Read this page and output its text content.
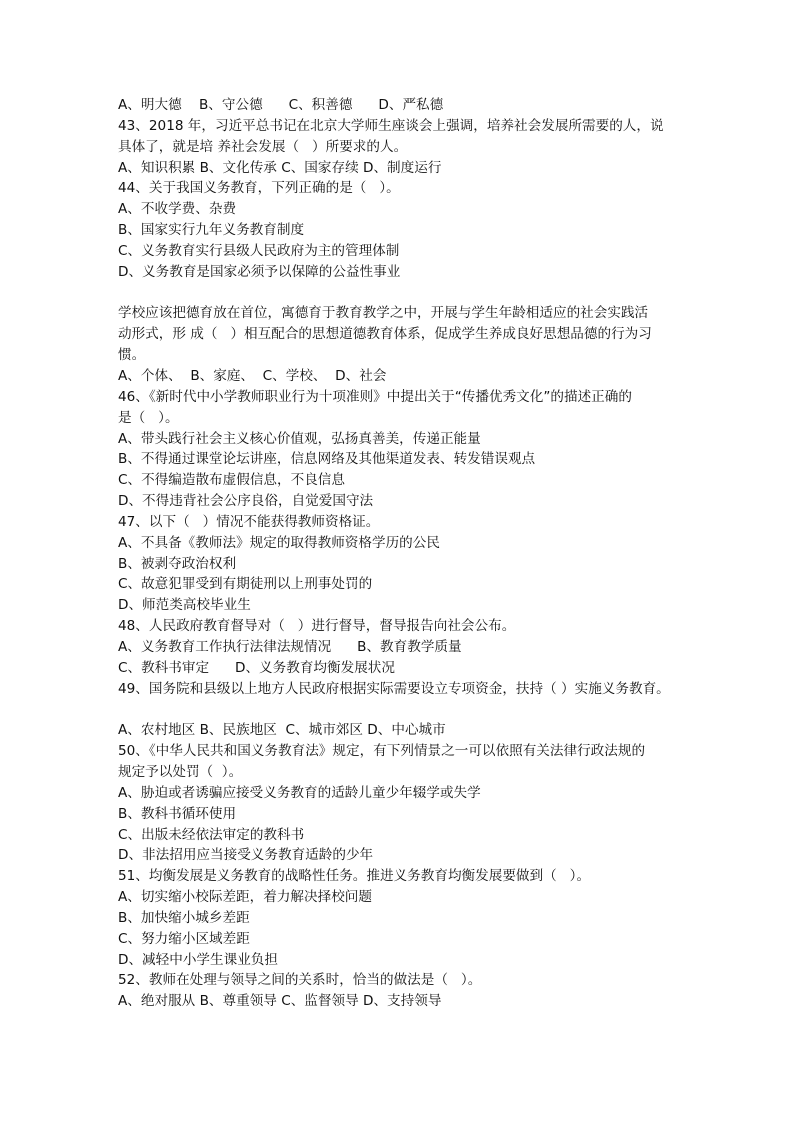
A、明大德    B、守公德      C、积善德      D、严私德
43、2018 年，习近平总书记在北京大学师生座谈会上强调，培养社会发展所需要的人，说
具体了，就是培 养社会发展（   ）所要求的人。
A、知识积累 B、文化传承 C、国家存续 D、制度运行
44、关于我国义务教育，下列正确的是（   ）。
A、不收学费、杂费
B、国家实行九年义务教育制度
C、义务教育实行县级人民政府为主的管理体制
D、义务教育是国家必须予以保障的公益性事业
学校应该把德育放在首位，寓德育于教育教学之中，开展与学生年龄相适应的社会实践活
动形式，形 成（   ）相互配合的思想道德教育体系，促成学生养成良好思想品德的行为习
惯。
A、个体、  B、家庭、  C、学校、  D、社会
46、《新时代中小学教师职业行为十项准则》中提出关于“传播优秀文化”的描述正确的
是（   ）。
A、带头践行社会主义核心价值观，弘扬真善美，传递正能量
B、不得通过课堂论坛讲座，信息网络及其他渠道发表、转发错误观点
C、不得编造散布虚假信息，不良信息
D、不得违背社会公序良俗，自觉爱国守法
47、以下（   ）情况不能获得教师资格证。
A、不具备《教师法》规定的取得教师资格学历的公民
B、被剥夺政治权利
C、故意犯罪受到有期徒刑以上刑事处罚的
D、师范类高校毕业生
48、人民政府教育督导对（   ）进行督导，督导报告向社会公布。
A、义务教育工作执行法律法规情况      B、教育教学质量
C、教科书审定      D、义务教育均衡发展状况
49、国务院和县级以上地方人民政府根据实际需要设立专项资金，扶持（ ）实施义务教育。
A、农村地区 B、民族地区  C、城市郊区 D、中心城市
50、《中华人民共和国义务教育法》规定，有下列情景之一可以依照有关法律行政法规的
规定予以处罚（  ）。
A、胁迫或者诱骗应接受义务教育的适龄儿童少年辍学或失学
B、教科书循环使用
C、出版未经依法审定的教科书
D、非法招用应当接受义务教育适龄的少年
51、均衡发展是义务教育的战略性任务。推进义务教育均衡发展要做到（   ）。
A、切实缩小校际差距，着力解决择校问题
B、加快缩小城乡差距
C、努力缩小区域差距
D、减轻中小学生课业负担
52、教师在处理与领导之间的关系时，恰当的做法是（   ）。
A、绝对服从 B、尊重领导 C、监督领导 D、支持领导
